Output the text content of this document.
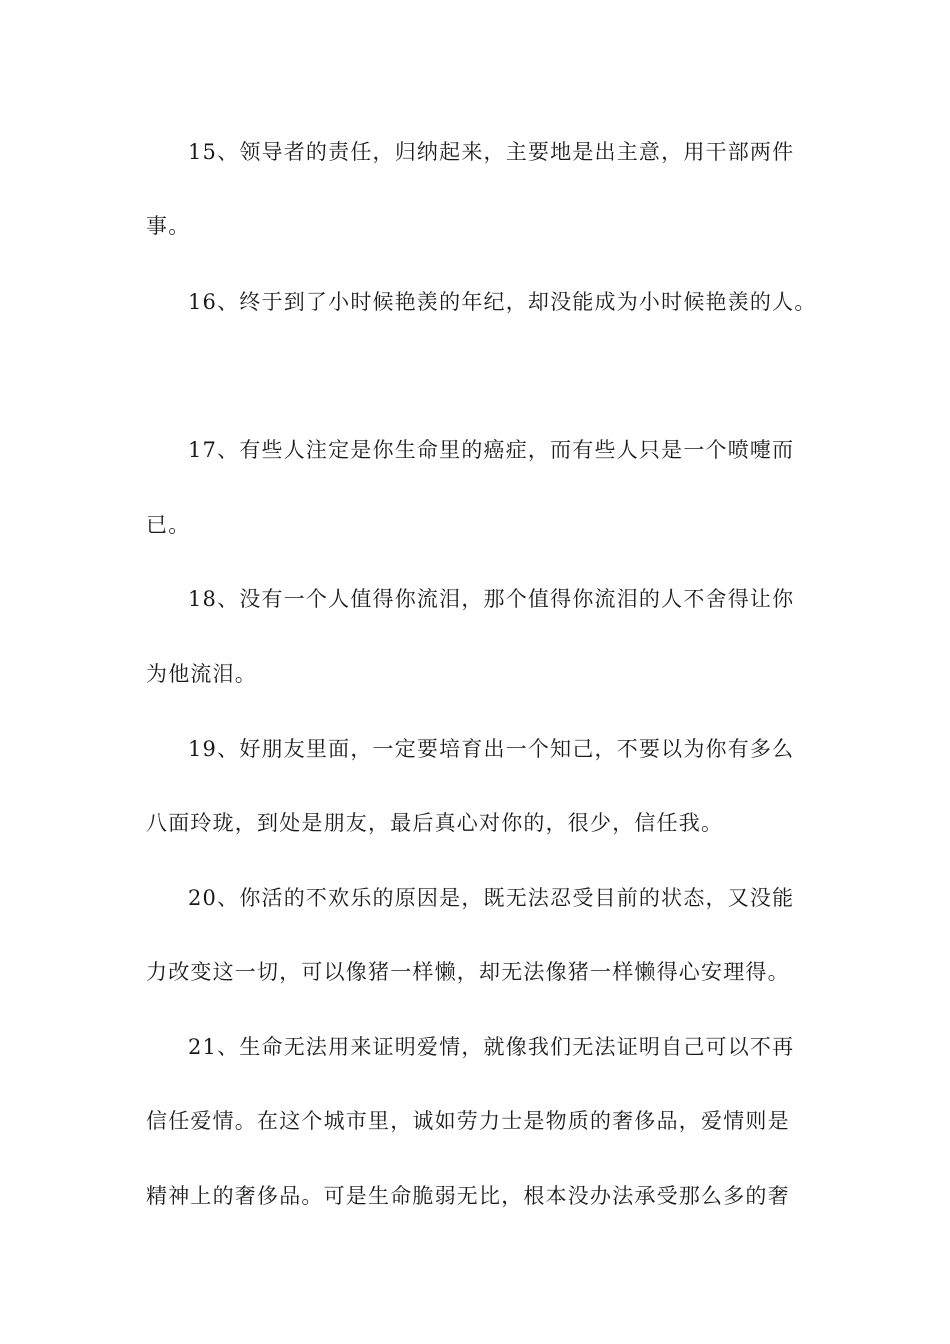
15、领导者的责任，归纳起来，主要地是出主意，用干部两件
事。
16、终于到了小时候艳羡的年纪，却没能成为小时候艳羡的人。
17、有些人注定是你生命里的癌症，而有些人只是一个喷嚏而
已。
18、没有一个人值得你流泪，那个值得你流泪的人不舍得让你
为他流泪。
19、好朋友里面，一定要培育出一个知己，不要以为你有多么
八面玲珑，到处是朋友，最后真心对你的，很少，信任我。
20、你活的不欢乐的原因是，既无法忍受目前的状态，又没能
力改变这一切，可以像猪一样懒，却无法像猪一样懒得心安理得。
21、生命无法用来证明爱情，就像我们无法证明自己可以不再
信任爱情。在这个城市里，诚如劳力士是物质的奢侈品，爱情则是
精神上的奢侈品。可是生命脆弱无比，根本没办法承受那么多的奢
